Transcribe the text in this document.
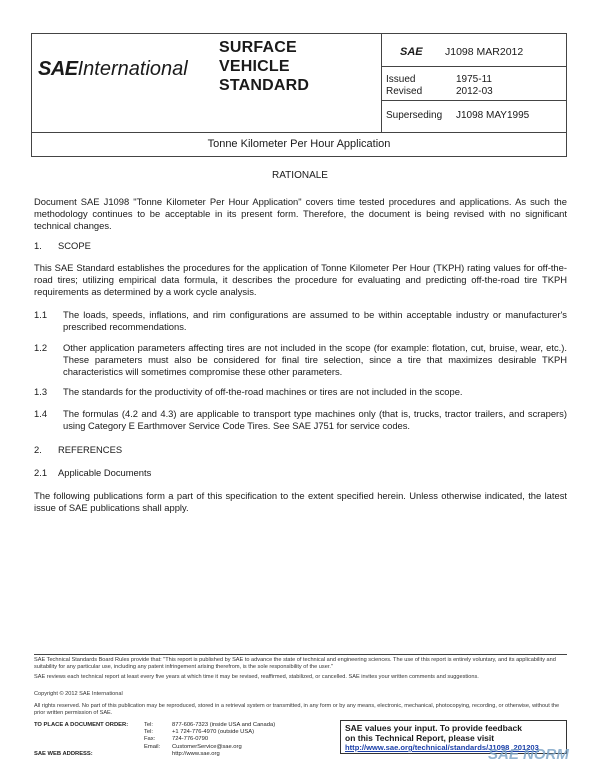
SAEInternational
SURFACE
VEHICLE
STANDARD
SAE J1098 MAR2012
Issued	1975-11
Revised	2012-03
Superseding J1098 MAY1995
Tonne Kilometer Per Hour Application
RATIONALE
Document SAE J1098 "Tonne Kilometer Per Hour Application" covers time tested procedures and applications. As such the methodology continues to be acceptable in its present form. Therefore, the document is being revised with no significant technical changes.
1. SCOPE
This SAE Standard establishes the procedures for the application of Tonne Kilometer Per Hour (TKPH) rating values for off-the-road tires; utilizing empirical data formula, it describes the procedure for evaluating and predicting off-the-road tire TKPH requirements as determined by a work cycle analysis.
1.1 The loads, speeds, inflations, and rim configurations are assumed to be within acceptable industry or manufacturer's prescribed recommendations.
1.2 Other application parameters affecting tires are not included in the scope (for example: flotation, cut, bruise, wear, etc.). These parameters must also be considered for final tire selection, since a tire that maximizes desirable TKPH characteristics will sometimes compromise these other parameters.
1.3 The standards for the productivity of off-the-road machines or tires are not included in the scope.
1.4 The formulas (4.2 and 4.3) are applicable to transport type machines only (that is, trucks, tractor trailers, and scrapers) using Category E Earthmover Service Code Tires. See SAE J751 for service codes.
2. REFERENCES
2.1 Applicable Documents
The following publications form a part of this specification to the extent specified herein. Unless otherwise indicated, the latest issue of SAE publications shall apply.
SAE Technical Standards Board Rules provide that: "This report is published by SAE to advance the state of technical and engineering sciences. The use of this report is entirely voluntary, and its applicability and suitability for any particular use, including any patent infringement arising therefrom, is the sole responsibility of the user."
SAE reviews each technical report at least every five years at which time it may be revised, reaffirmed, stabilized, or cancelled. SAE invites your written comments and suggestions.
Copyright © 2012 SAE International
All rights reserved. No part of this publication may be reproduced, stored in a retrieval system or transmitted, in any form or by any means, electronic, mechanical, photocopying, recording, or otherwise, without the prior written permission of SAE.
TO PLACE A DOCUMENT ORDER:	Tel:	877-606-7323 (inside USA and Canada)
Tel:	+1 724-776-4970 (outside USA)
Fax:	724-776-0790
Email:	CustomerService@sae.org
SAE WEB ADDRESS:	http://www.sae.org
SAE values your input. To provide feedback
on this Technical Report, please visit
http://www.sae.org/technical/standards/J1098_201203
SAE NORM
